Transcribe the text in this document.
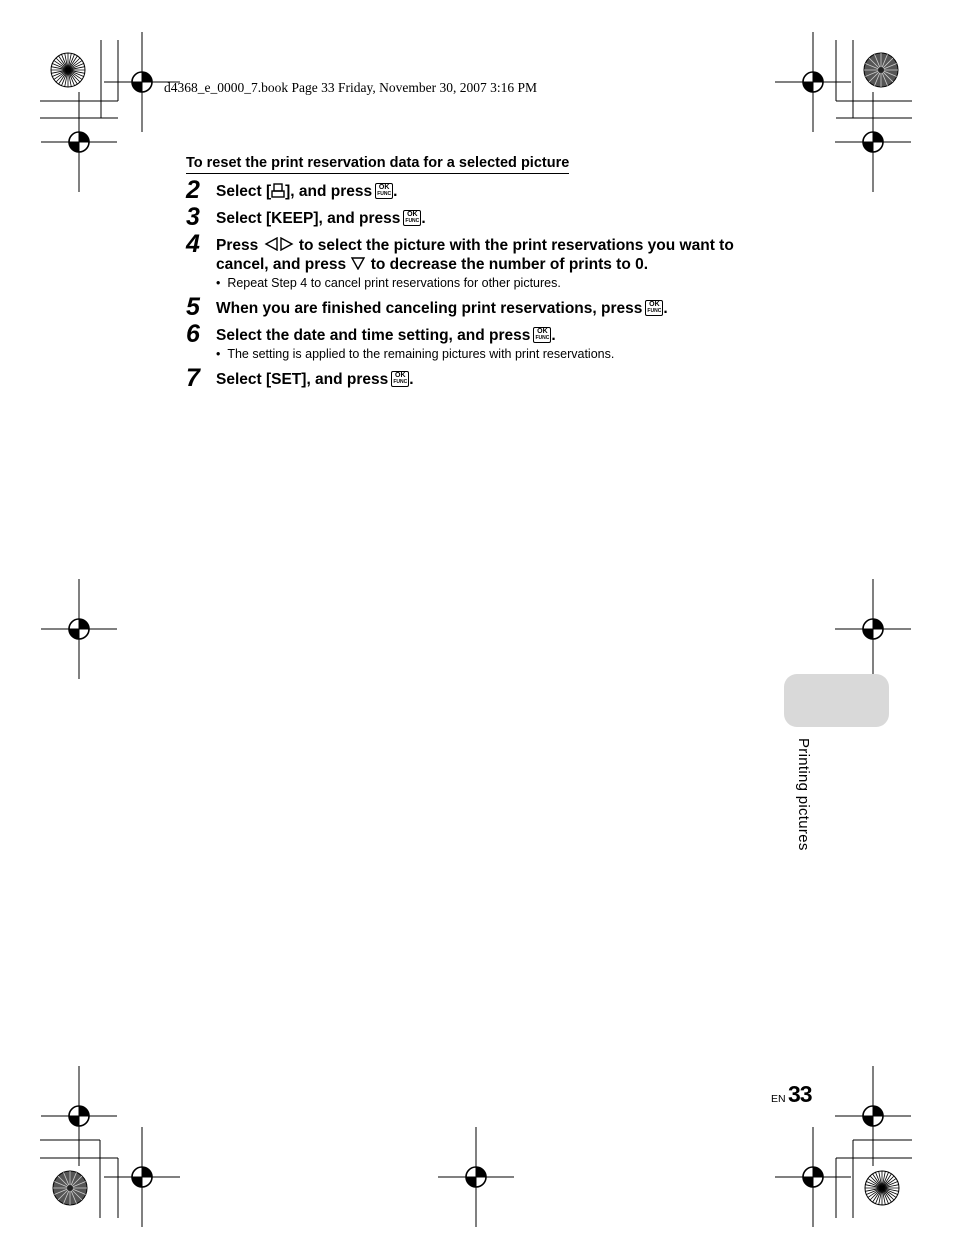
d4368_e_0000_7.book Page 33 Friday, November 30, 2007 3:16 PM
To reset the print reservation data for a selected picture
2 Select [ ], and press OK
FUNC .
3 Select [KEEP], and press OK
FUNC .
4 Press	to select the picture with the print reservations you want to
cancel, and press to decrease the number of prints to 0.
•  Repeat Step 4 to cancel print reservations for other pictures.
5 When you are finished canceling print reservations, press OK
FUNC .
6 Select the date and time setting, and press OK
FUNC .
•  The setting is applied to the remaining pictures with print reservations.
7 Select [SET], and press OK
FUNC .
Printing pictures
EN 33
